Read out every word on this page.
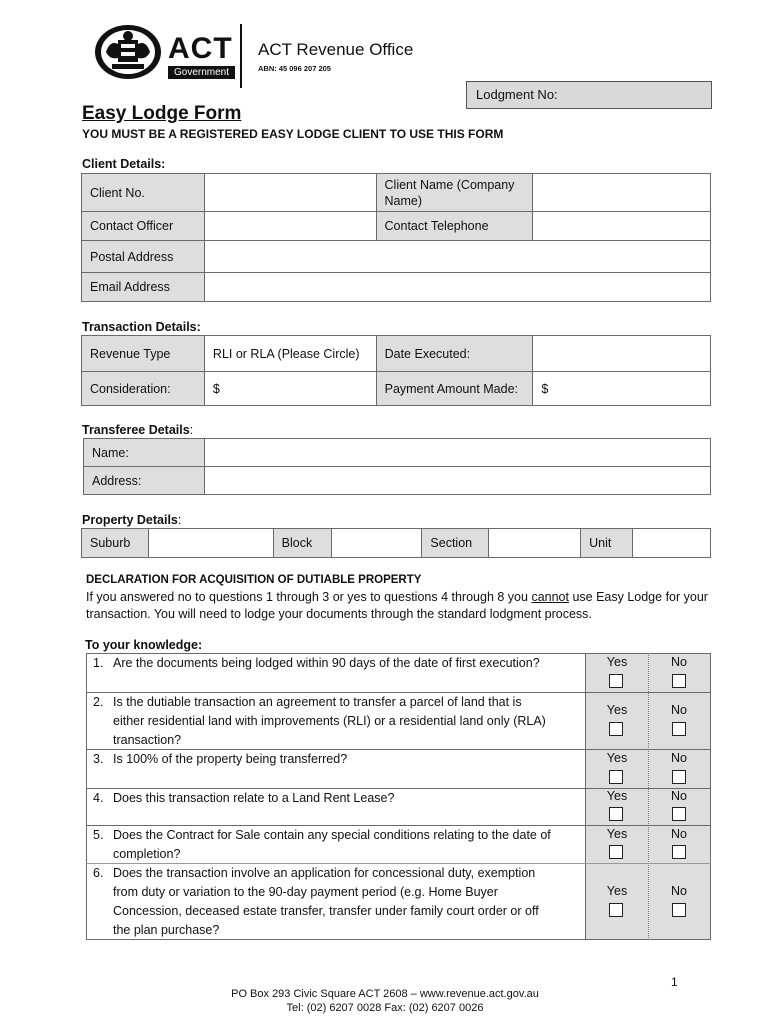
ACT
Government
ACT Revenue Office
ABN: 45 096 207 205
Lodgment No:
Easy Lodge Form
YOU MUST BE A REGISTERED EASY LODGE CLIENT TO USE THIS FORM
Client Details:
Client No.		Client Name (Company Name)	
Contact Officer		Contact Telephone	
Postal Address			
Email Address			
Transaction Details:
Revenue Type	RLI or RLA (Please Circle)	Date Executed:	
Consideration:	$	Payment Amount Made:	$
Transferee Details:
Name:	
Address:	
Property Details:
Suburb		Block		Section		Unit	
DECLARATION FOR ACQUISITION OF DUTIABLE PROPERTY
If you answered no to questions 1 through 3 or yes to questions 4 through 8 you cannot use Easy Lodge for your transaction. You will need to lodge your documents through the standard lodgment process.
To your knowledge:
1. Are the documents being lodged within 90 days of the date of first execution?	Yes	No
2. Is the dutiable transaction an agreement to transfer a parcel of land that is
either residential land with improvements (RLI) or a residential land only (RLA)
transaction?
Yes	No
3. Is 100% of the property being transferred?	Yes	No
4. Does this transaction relate to a Land Rent Lease?	Yes	No
5. Does the Contract for Sale contain any special conditions relating to the date of
completion?
Yes	No
6. Does the transaction involve an application for concessional duty, exemption
from duty or variation to the 90-day payment period (e.g. Home Buyer
Concession, deceased estate transfer, transfer under family court order or off
the plan purchase?
Yes	No
1
PO Box 293 Civic Square ACT 2608 – www.revenue.act.gov.au
Tel: (02) 6207 0028 Fax: (02) 6207 0026
